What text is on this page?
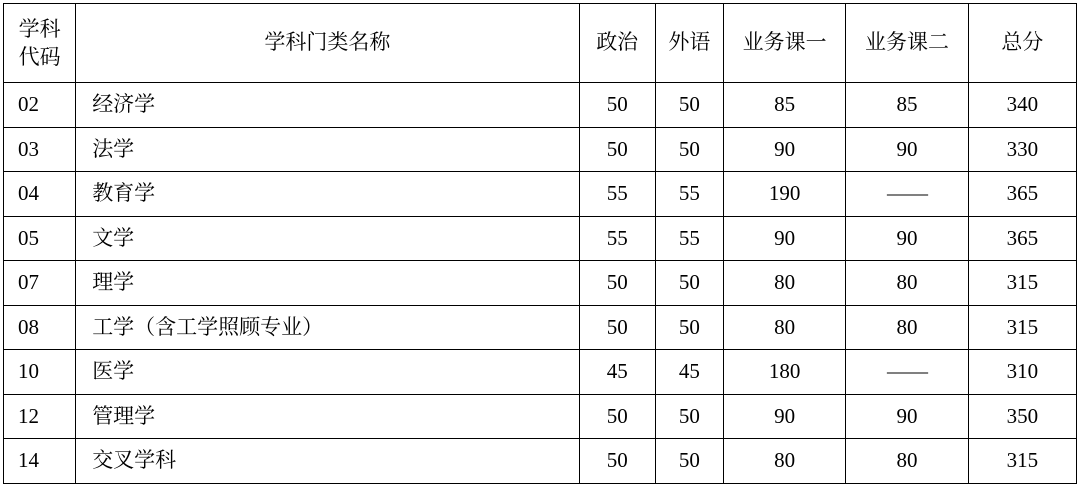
学科
代码	学科门类名称	政治	外语	业务课一	业务课二	总分
02	经济学	50	50	85	85	340
03	法学	50	50	90	90	330
04	教育学	55	55	190	——	365
05	文学	55	55	90	90	365
07	理学	50	50	80	80	315
08	工学（含工学照顾专业）	50	50	80	80	315
10	医学	45	45	180	——	310
12	管理学	50	50	90	90	350
14	交叉学科	50	50	80	80	315
